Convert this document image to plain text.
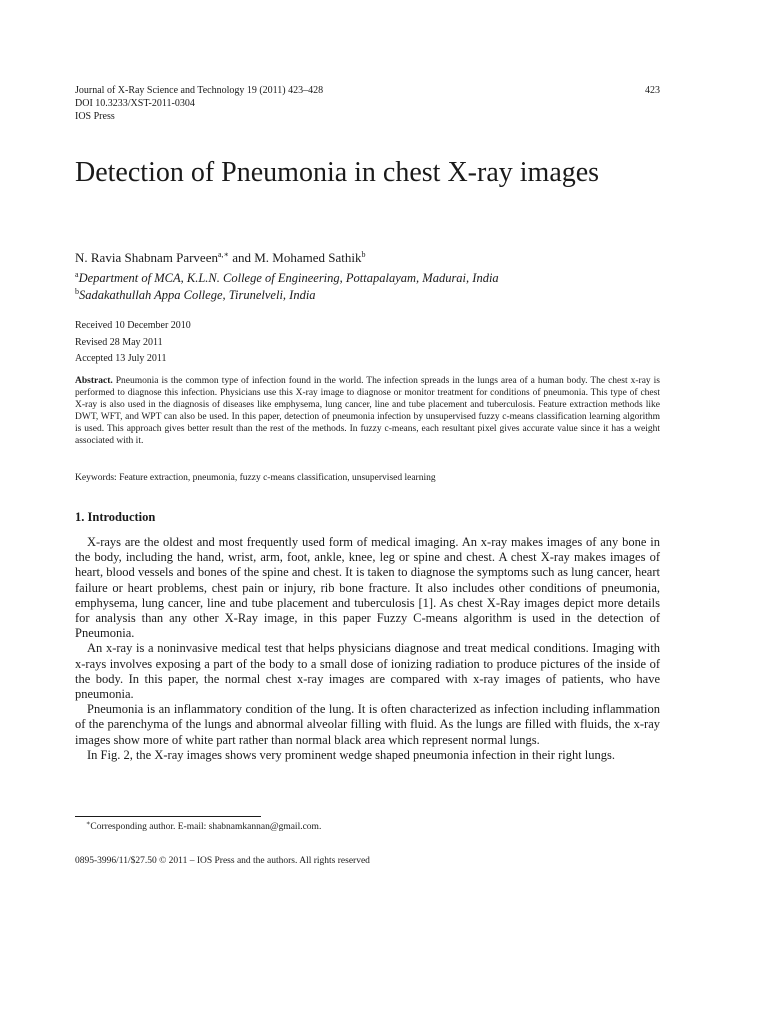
Journal of X-Ray Science and Technology 19 (2011) 423–428
DOI 10.3233/XST-2011-0304
IOS Press
423
Detection of Pneumonia in chest X-ray images
N. Ravia Shabnam Parveen$^{a,∗}$ and M. Mohamed Sathik$^b$
$^a$Department of MCA, K.L.N. College of Engineering, Pottapalayam, Madurai, India
$^b$Sadakathullah Appa College, Tirunelveli, India
Received 10 December 2010
Revised 28 May 2011
Accepted 13 July 2011
Abstract. Pneumonia is the common type of infection found in the world. The infection spreads in the lungs area of a human body. The chest x-ray is performed to diagnose this infection. Physicians use this X-ray image to diagnose or monitor treatment for conditions of pneumonia. This type of chest X-ray is also used in the diagnosis of diseases like emphysema, lung cancer, line and tube placement and tuberculosis. Feature extraction methods like DWT, WFT, and WPT can also be used. In this paper, detection of pneumonia infection by unsupervised fuzzy c-means classification learning algorithm is used. This approach gives better result than the rest of the methods. In fuzzy c-means, each resultant pixel gives accurate value since it has a weight associated with it.
Keywords: Feature extraction, pneumonia, fuzzy c-means classification, unsupervised learning
1. Introduction

X-rays are the oldest and most frequently used form of medical imaging. An x-ray makes images of any bone in the body, including the hand, wrist, arm, foot, ankle, knee, leg or spine and chest. A chest X-ray makes images of heart, blood vessels and bones of the spine and chest. It is taken to diagnose the symptoms such as lung cancer, heart failure or heart problems, chest pain or injury, rib bone fracture. It also includes other conditions of pneumonia, emphysema, lung cancer, line and tube placement and tuberculosis [1]. As chest X-Ray images depict more details for analysis than any other X-Ray image, in this paper Fuzzy C-means algorithm is used in the detection of Pneumonia.

An x-ray is a noninvasive medical test that helps physicians diagnose and treat medical conditions. Imaging with x-rays involves exposing a part of the body to a small dose of ionizing radiation to produce pictures of the inside of the body. In this paper, the normal chest x-ray images are compared with x-ray images of patients, who have pneumonia.

Pneumonia is an inflammatory condition of the lung. It is often characterized as infection including inflammation of the parenchyma of the lungs and abnormal alveolar filling with fluid. As the lungs are filled with fluids, the x-ray images show more of white part rather than normal black area which represent normal lungs.

In Fig. 2, the X-ray images shows very prominent wedge shaped pneumonia infection in their right lungs.

∗Corresponding author. E-mail: shabnamkannan@gmail.com.
0895-3996/11/$27.50 © 2011 – IOS Press and the authors. All rights reserved
